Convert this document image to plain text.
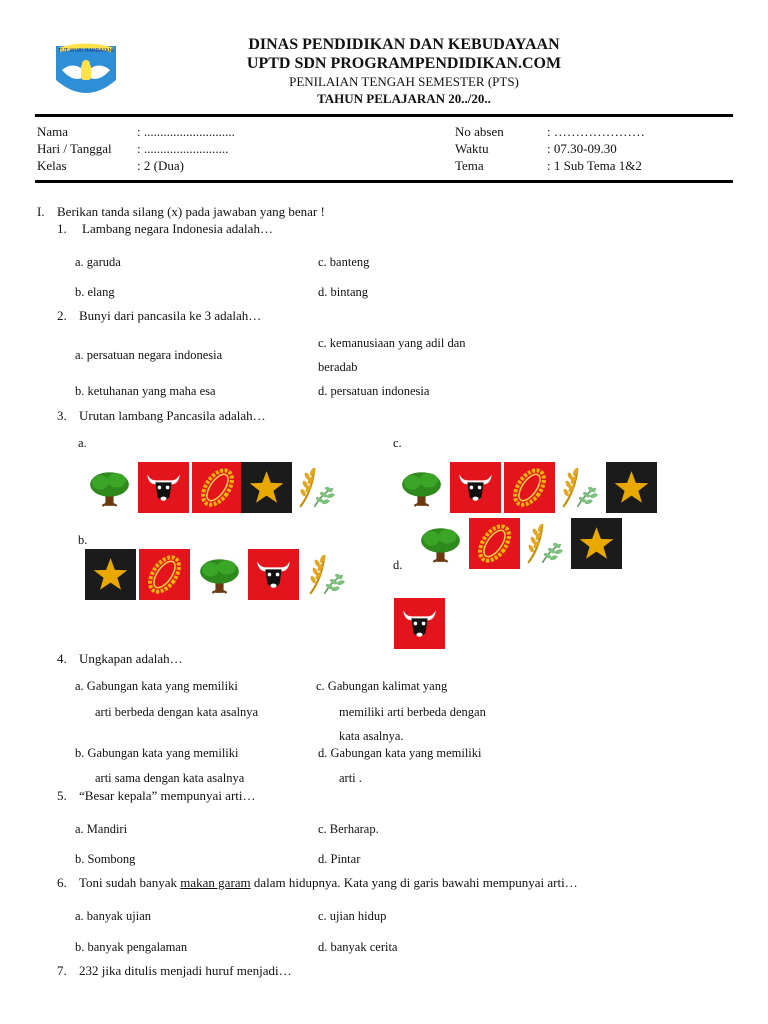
TUT WURI HANDAYANI	DINAS PENDIDIKAN DAN KEBUDAYAAN
UPTD SDN PROGRAMPENDIDIKAN.COM
PENILAIAN TENGAH SEMESTER (PTS)
TAHUN PELAJARAN 20../20..
Nama	: ............................
Hari / Tanggal : ..........................
Kelas	: 2 (Dua)
No absen	: …………………
Waktu	: 07.30-09.30
Tema	: 1 Sub Tema 1&2
I. Berikan tanda silang (x) pada jawaban yang benar !
1. Lambang negara Indonesia adalah…
a. garuda
b. elang
c. banteng
d. bintang
2. Bunyi dari pancasila ke 3 adalah…
a. persatuan negara indonesia
b. ketuhanan yang maha esa
c. kemanusiaan yang adil dan
beradab
d. persatuan indonesia
3. Urutan lambang Pancasila adalah…
a.
b.
c.
d.
4. Ungkapan adalah…
a. Gabungan kata yang memiliki
arti berbeda dengan kata asalnya
b. Gabungan kata yang memiliki
arti sama dengan kata asalnya
c. Gabungan kalimat yang
memiliki arti berbeda dengan
kata asalnya.
d. Gabungan kata yang memiliki
arti .
5. “Besar kepala” mempunyai arti…
a. Mandiri
b. Sombong
c. Berharap.
d. Pintar
6. Toni sudah banyak makan garam dalam hidupnya. Kata yang di garis bawahi mempunyai arti…
a. banyak ujian
b. banyak pengalaman
c. ujian hidup
d. banyak cerita
7. 232 jika ditulis menjadi huruf menjadi…
